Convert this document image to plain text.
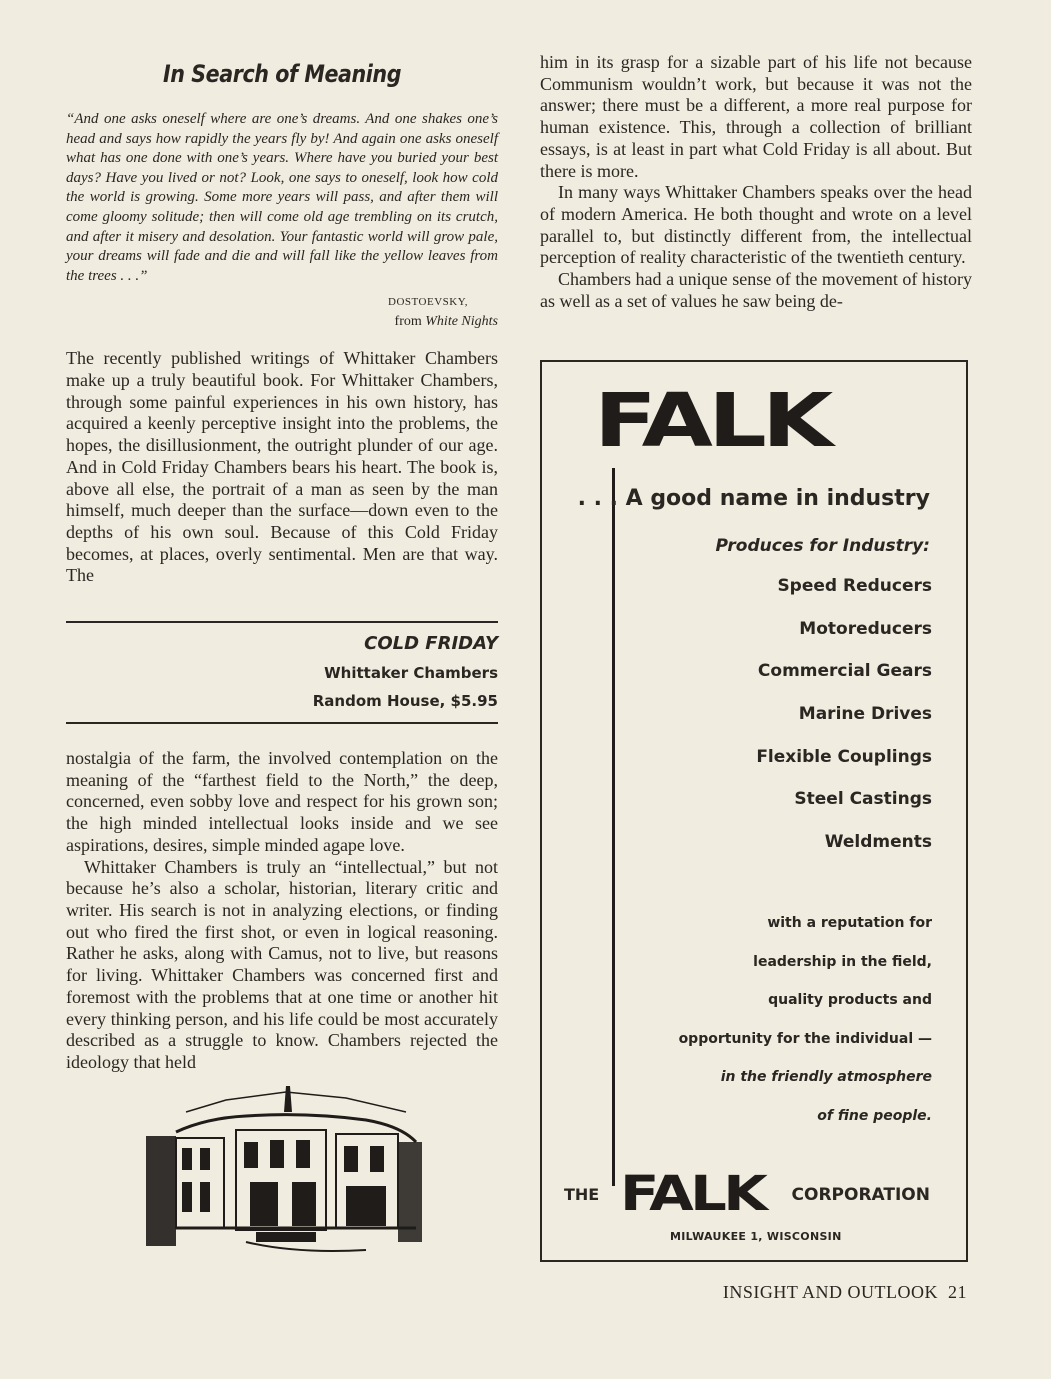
In Search of Meaning

“And one asks oneself where are one’s dreams. And one shakes one’s head and says how rapidly the years fly by! And again one asks oneself what has one done with one’s years. Where have you buried your best days? Have you lived or not? Look, one says to oneself, look how cold the world is growing. Some more years will pass, and after them will come gloomy solitude; then will come old age trembling on its crutch, and after it misery and desolation. Your fantastic world will grow pale, your dreams will fade and die and will fall like the yellow leaves from the trees . . .”

DOSTOEVSKY,
from White Nights

The recently published writings of Whittaker Chambers make up a truly beautiful book. For Whittaker Chambers, through some painful experiences in his own history, has acquired a keenly perceptive insight into the problems, the hopes, the disillusionment, the outright plunder of our age. And in Cold Friday Chambers bears his heart. The book is, above all else, the portrait of a man as seen by the man himself, much deeper than the surface—down even to the depths of his own soul. Because of this Cold Friday becomes, at places, overly sentimental. Men are that way. The

COLD FRIDAY
Whittaker Chambers
Random House, $5.95

nostalgia of the farm, the involved contemplation on the meaning of the “farthest field to the North,” the deep, concerned, even sobby love and respect for his grown son; the high minded intellectual looks inside and we see aspirations, desires, simple minded agape love.

Whittaker Chambers is truly an “intellectual,” but not because he’s also a scholar, historian, literary critic and writer. His search is not in analyzing elections, or finding out who fired the first shot, or even in logical reasoning. Rather he asks, along with Camus, not to live, but reasons for living. Whittaker Chambers was concerned first and foremost with the problems that at one time or another hit every thinking person, and his life could be most accurately described as a struggle to know. Chambers rejected the ideology that held

him in its grasp for a sizable part of his life not because Communism wouldn’t work, but because it was not the answer; there must be a different, a more real purpose for human existence. This, through a collection of brilliant essays, is at least in part what Cold Friday is all about. But there is more.

In many ways Whittaker Chambers speaks over the head of modern America. He both thought and wrote on a level parallel to, but distinctly different from, the intellectual perception of reality characteristic of the twentieth century.

Chambers had a unique sense of the movement of history as well as a set of values he saw being de-

FALK
. . . A good name in industry
Produces for Industry:
Speed Reducers
Motoreducers
Commercial Gears
Marine Drives
Flexible Couplings
Steel Castings
Weldments
with a reputation for
leadership in the field,
quality products and
opportunity for the individual —
in the friendly atmosphere
of fine people.
THE FALK CORPORATION
MILWAUKEE 1, WISCONSIN
INSIGHT AND OUTLOOK 21
